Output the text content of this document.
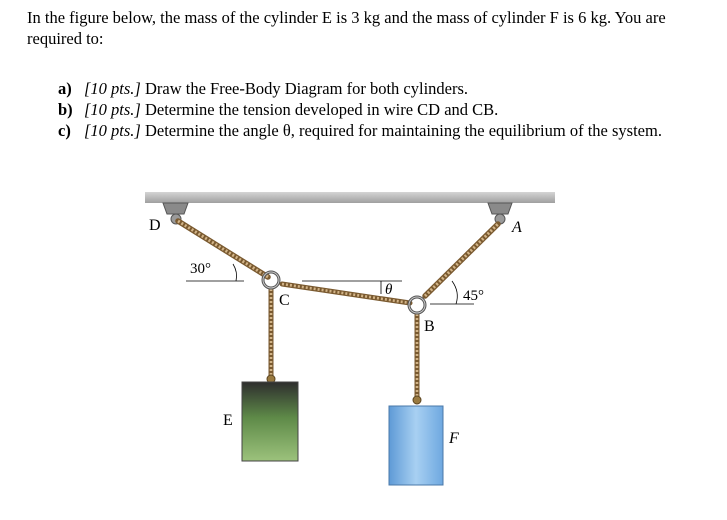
In the figure below, the mass of the cylinder E is 3 kg and the mass of cylinder F is 6 kg. You are required to:

a) [10 pts.] Draw the Free-Body Diagram for both cylinders.
b) [10 pts.] Determine the tension developed in wire CD and CB.
c) [10 pts.] Determine the angle θ, required for maintaining the equilibrium of the system.
D	A
C
B
E
F
30°
θ	45°
